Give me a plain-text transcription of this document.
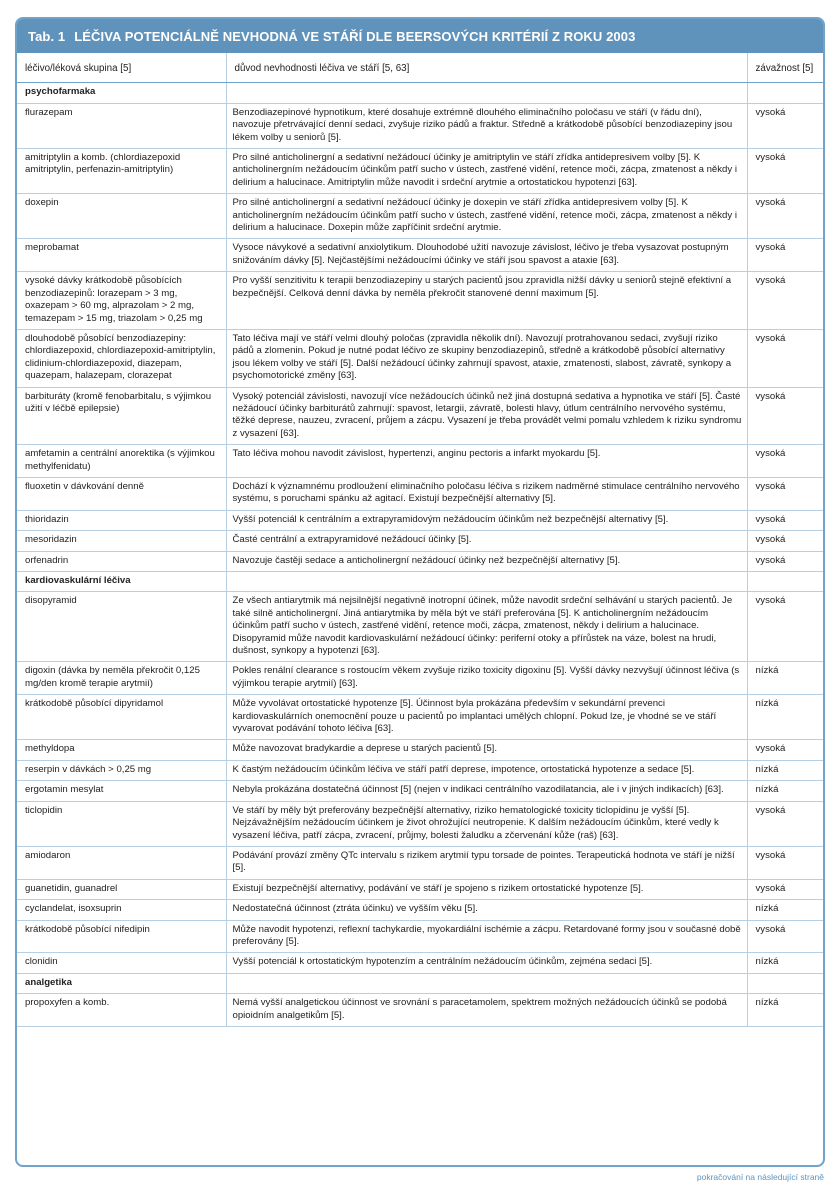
Tab. 1 LÉČIVA POTENCIÁLNĚ NEVHODNÁ VE STÁŘÍ DLE BEERSOVÝCH KRITÉRIÍ Z ROKU 2003
léčivo/léková skupina [5]	důvod nevhodnosti léčiva ve stáří [5, 63]	závažnost [5]
psychofarmaka		
flurazepam	Benzodiazepinové hypnotikum, které dosahuje extrémně dlouhého eliminačního poločasu ve stáří (v řádu dní), navozuje přetrvávající denní sedaci, zvyšuje riziko pádů a fraktur. Středně a krátkodobě působící benzodiazepiny jsou lékem volby u seniorů [5].	vysoká
amitriptylin a komb. (chlordiazepoxid amitriptylin, perfenazin-amitriptylin)	Pro silné anticholinergní a sedativní nežádoucí účinky je amitriptylin ve stáří zřídka antidepresivem volby [5]. K anticholinergním nežádoucím účinkům patří sucho v ústech, zastřené vidění, retence moči, zácpa, zmatenost a někdy i delirium a halucinace. Amitriptylin může navodit i srdeční arytmie a ortostatickou hypotenzi [63].	vysoká
doxepin	Pro silné anticholinergní a sedativní nežádoucí účinky je doxepin ve stáří zřídka antidepresivem volby [5]. K anticholinergním nežádoucím účinkům patří sucho v ústech, zastřené vidění, retence moči, zácpa, zmatenost a někdy i delirium a halucinace. Doxepin může zapříčinit srdeční arytmie.	vysoká
meprobamat	Vysoce návykové a sedativní anxiolytikum. Dlouhodobé užití navozuje závislost, léčivo je třeba vysazovat postupným snižováním dávky [5]. Nejčastějšími nežádoucími účinky ve stáří jsou spavost a ataxie [63].	vysoká
vysoké dávky krátkodobě působících benzodiazepinů: lorazepam > 3 mg, oxazepam > 60 mg, alprazolam > 2 mg, temazepam > 15 mg, triazolam > 0,25 mg	Pro vyšší senzitivitu k terapii benzodiazepiny u starých pacientů jsou zpravidla nižší dávky u seniorů stejně efektivní a bezpečnější. Celková denní dávka by neměla překročit stanovené denní maximum [5].	vysoká
dlouhodobě působící benzodiazepiny: chlordiazepoxid, chlordiazepoxid-amitriptylin, clidinium-chlordiazepoxid, diazepam, quazepam, halazepam, clorazepat	Tato léčiva mají ve stáří velmi dlouhý poločas (zpravidla několik dní). Navozují protrahovanou sedaci, zvyšují riziko pádů a zlomenin. Pokud je nutné podat léčivo ze skupiny benzodiazepinů, středně a krátkodobě působící alternativy jsou lékem volby ve stáří [5]. Další nežádoucí účinky zahrnují spavost, ataxie, zmatenosti, slabost, závratě, synkopy a psychomotorické změny [63].	vysoká
barbituráty (kromě fenobarbitalu, s výjimkou užití v léčbě epilepsie)	Vysoký potenciál závislosti, navozují více nežádoucích účinků než jiná dostupná sedativa a hypnotika ve stáří [5]. Časté nežádoucí účinky barbiturátů zahrnují: spavost, letargii, závratě, bolesti hlavy, útlum centrálního nervového systému, těžké deprese, nauzeu, zvracení, průjem a zácpu. Vysazení je třeba provádět velmi pomalu vzhledem k riziku syndromu z vysazení [63].	vysoká
amfetamin a centrální anorektika (s výjimkou methylfenidatu)	Tato léčiva mohou navodit závislost, hypertenzi, anginu pectoris a infarkt myokardu [5].	vysoká
fluoxetin v dávkování denně	Dochází k významnému prodloužení eliminačního poločasu léčiva s rizikem nadměrné stimulace centrálního nervového systému, s poruchami spánku až agitací. Existují bezpečnější alternativy [5].	vysoká
thioridazin	Vyšší potenciál k centrálním a extrapyramidovým nežádoucím účinkům než bezpečnější alternativy [5].	vysoká
mesoridazin	Časté centrální a extrapyramidové nežádoucí účinky [5].	vysoká
orfenadrin	Navozuje častěji sedace a anticholinergní nežádoucí účinky než bezpečnější alternativy [5].	vysoká
kardiovaskulární léčiva		
disopyramid	Ze všech antiarytmik má nejsilnější negativně inotropní účinek, může navodit srdeční selhávání u starých pacientů. Je také silně anticholinergní. Jiná antiarytmika by měla být ve stáří preferována [5]. K anticholinergním nežádoucím účinkům patří sucho v ústech, zastřené vidění, retence moči, zácpa, zmatenost, někdy i delirium a halucinace. Disopyramid může navodit kardiovaskulární nežádoucí účinky: periferní otoky a přírůstek na váze, bolest na hrudi, dušnost, synkopy a hypotenzi [63].	vysoká
digoxin (dávka by neměla překročit 0,125 mg/den kromě terapie arytmií)	Pokles renální clearance s rostoucím věkem zvyšuje riziko toxicity digoxinu [5]. Vyšší dávky nezvyšují účinnost léčiva (s výjimkou terapie arytmií) [63].	nízká
krátkodobě působící dipyridamol	Může vyvolávat ortostatické hypotenze [5]. Účinnost byla prokázána především v sekundární prevenci kardiovaskulárních onemocnění pouze u pacientů po implantaci umělých chlopní. Pokud lze, je vhodné se ve stáří vyvarovat podávání tohoto léčiva [63].	nízká
methyldopa	Může navozovat bradykardie a deprese u starých pacientů [5].	vysoká
reserpin v dávkách > 0,25 mg	K častým nežádoucím účinkům léčiva ve stáří patří deprese, impotence, ortostatická hypotenze a sedace [5].	nízká
ergotamin mesylat	Nebyla prokázána dostatečná účinnost [5] (nejen v indikaci centrálního vazodilatancia, ale i v jiných indikacích) [63].	nízká
ticlopidin	Ve stáří by měly být preferovány bezpečnější alternativy, riziko hematologické toxicity ticlopidinu je vyšší [5]. Nejzávažnějším nežádoucím účinkem je život ohrožující neutropenie. K dalším nežádoucím účinkům, které vedly k vysazení léčiva, patří zácpa, zvracení, průjmy, bolesti žaludku a zčervenání kůže (raš) [63].	vysoká
amiodaron	Podávání provází změny QTc intervalu s rizikem arytmií typu torsade de pointes. Terapeutická hodnota ve stáří je nižší [5].	vysoká
guanetidin, guanadrel	Existují bezpečnější alternativy, podávání ve stáří je spojeno s rizikem ortostatické hypotenze [5].	vysoká
cyclandelat, isoxsuprin	Nedostatečná účinnost (ztráta účinku) ve vyšším věku [5].	nízká
krátkodobě působící nifedipin	Může navodit hypotenzi, reflexní tachykardie, myokardiální ischémie a zácpu. Retardované formy jsou v současné době preferovány [5].	vysoká
clonidin	Vyšší potenciál k ortostatickým hypotenzím a centrálním nežádoucím účinkům, zejména sedaci [5].	nízká
analgetika		
propoxyfen a komb.	Nemá vyšší analgetickou účinnost ve srovnání s paracetamolem, spektrem možných nežádoucích účinků se podobá opioidním analgetikům [5].	nízká
pokračování na následující straně
